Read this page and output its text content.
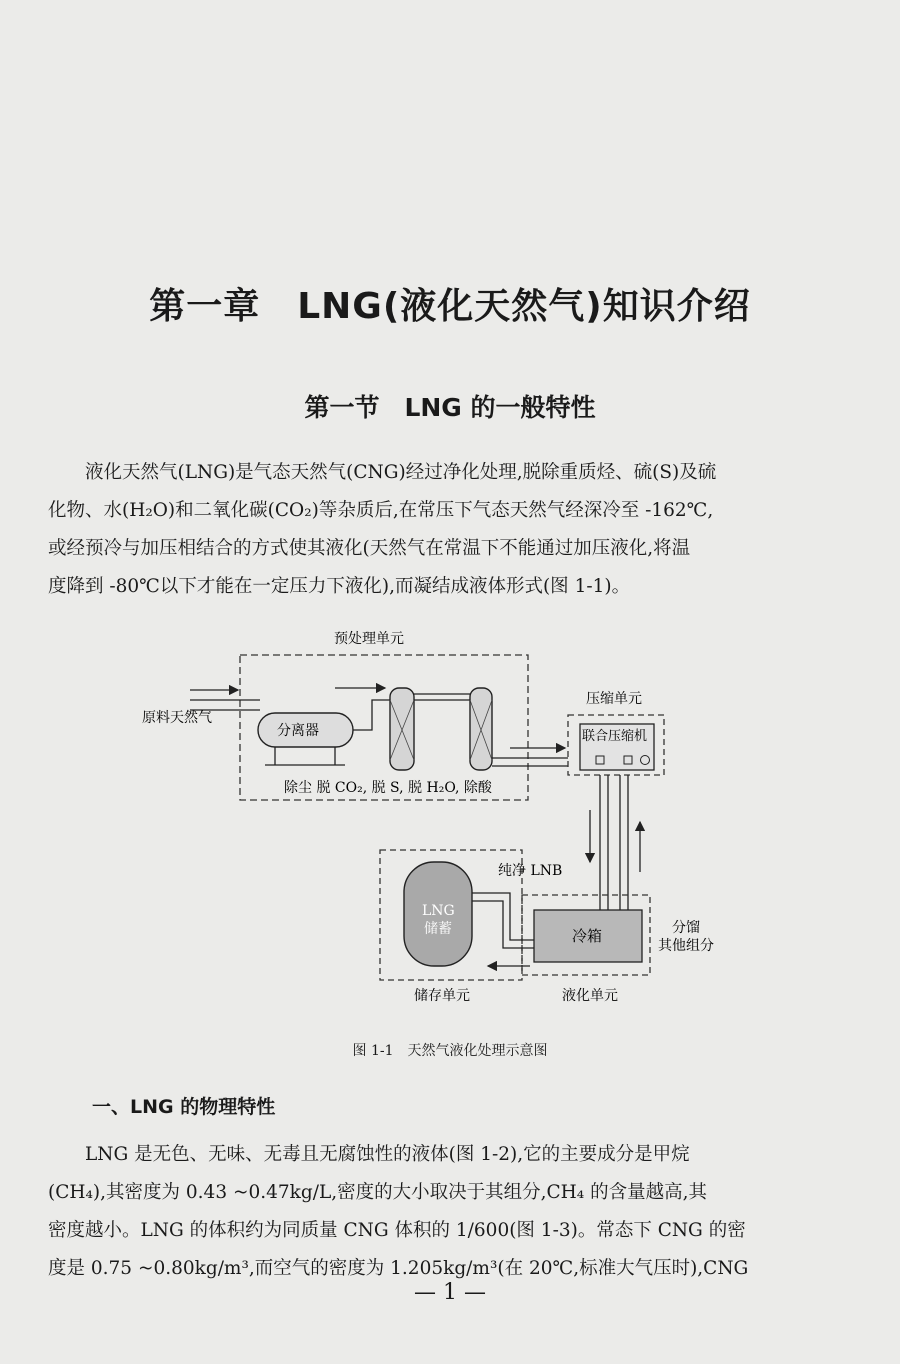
第一章　LNG(液化天然气)知识介绍
第一节　LNG 的一般特性
液化天然气(LNG)是气态天然气(CNG)经过净化处理,脱除重质烃、硫(S)及硫
化物、水(H₂O)和二氧化碳(CO₂)等杂质后,在常压下气态天然气经深冷至 -162℃,
或经预冷与加压相结合的方式使其液化(天然气在常温下不能通过加压液化,将温
度降到 -80℃以下才能在一定压力下液化),而凝结成液体形式(图 1-1)。
预处理单元
原料天然气
分离器
除尘 脱 CO₂, 脱 S, 脱 H₂O, 除酸
压缩单元
联合压缩机
冷箱
液化单元
分馏
其他组分
LNG
储蓄
储存单元
纯净 LNB
图 1-1　天然气液化处理示意图
一、LNG 的物理特性
LNG 是无色、无味、无毒且无腐蚀性的液体(图 1-2),它的主要成分是甲烷
(CH₄),其密度为 0.43 ~0.47kg/L,密度的大小取决于其组分,CH₄ 的含量越高,其
密度越小。LNG 的体积约为同质量 CNG 体积的 1/600(图 1-3)。常态下 CNG 的密
度是 0.75 ~0.80kg/m³,而空气的密度为 1.205kg/m³(在 20℃,标准大气压时),CNG
— 1 —
